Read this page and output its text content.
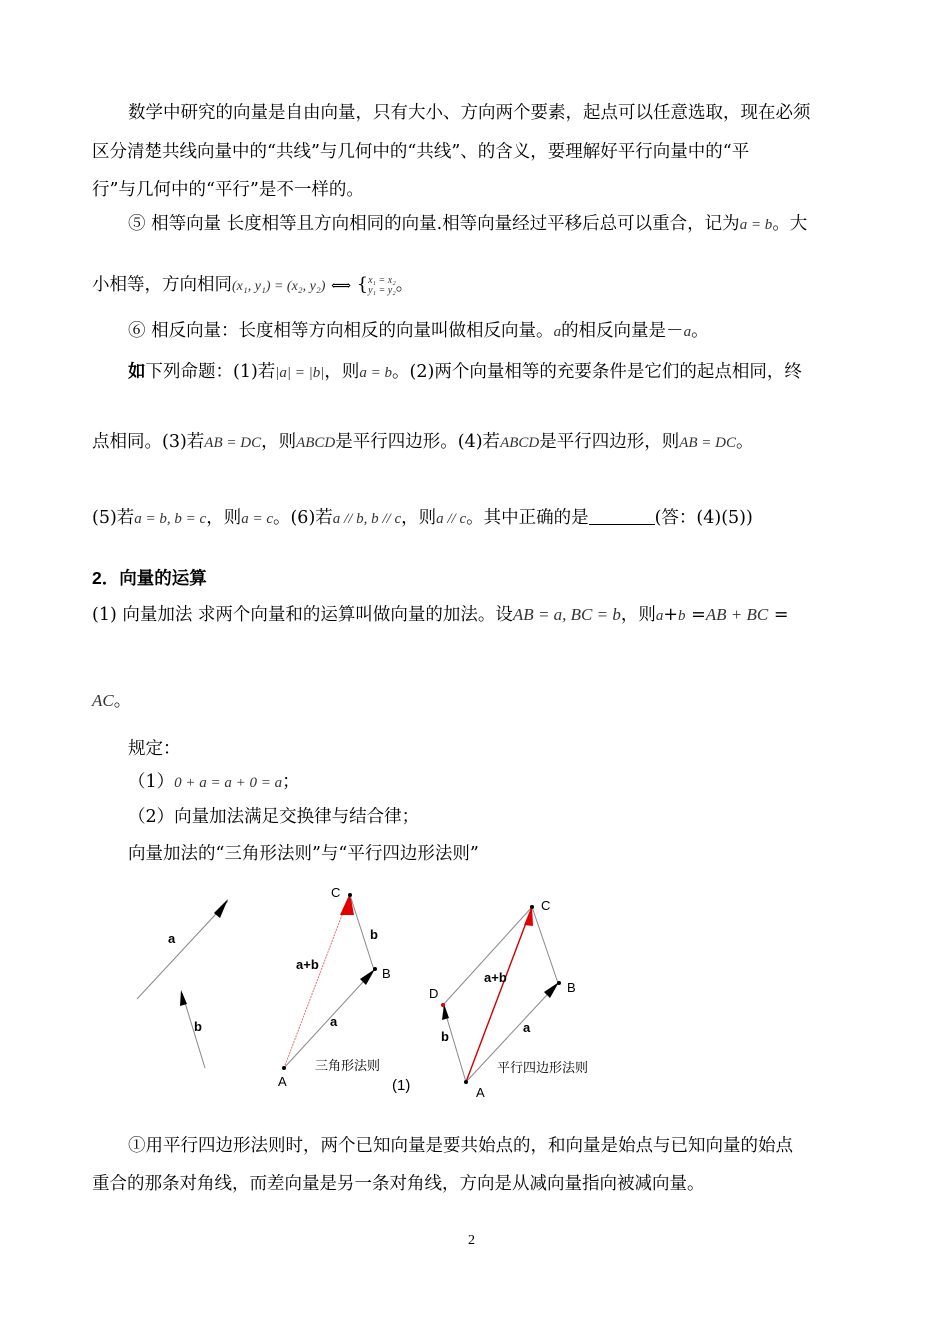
数学中研究的向量是自由向量，只有大小、方向两个要素，起点可以任意选取，现在必须
区分清楚共线向量中的“共线”与几何中的“共线”、的含义，要理解好平行向量中的“平
行”与几何中的“平行”是不一样的。
⑤ 相等向量 长度相等且方向相同的向量.相等向量经过平移后总可以重合，记为a = b。大
小相等，方向相同(x₁, y₁) = (x₂, y₂) ⟺ { x₁ = x₂
y₁ = y₂ 。
⑥ 相反向量：长度相等方向相反的向量叫做相反向量。a的相反向量是－a。
如下列命题：(1)若|a| = |b|，则a = b。(2)两个向量相等的充要条件是它们的起点相同，终
点相同。(3)若AB = DC，则ABCD是平行四边形。(4)若ABCD是平行四边形，则AB = DC。
(5)若a = b, b = c，则a = c。(6)若a // b, b // c，则a // c。其中正确的是	(答：(4)(5))
2．向量的运算
(1) 向量加法 求两个向量和的运算叫做向量的加法。设AB = a, BC = b，则a+b =AB + BC =
AC。
规定：
（1）0 + a = a + 0 = a；
（2）向量加法满足交换律与结合律；
向量加法的“三角形法则”与“平行四边形法则”
a
b
C
B
A
a+b
a
b
三角形法则
(1)
C
B
A
D
a+b
a
b
平行四边形法则
①用平行四边形法则时，两个已知向量是要共始点的，和向量是始点与已知向量的始点
重合的那条对角线，而差向量是另一条对角线，方向是从减向量指向被减向量。
2
